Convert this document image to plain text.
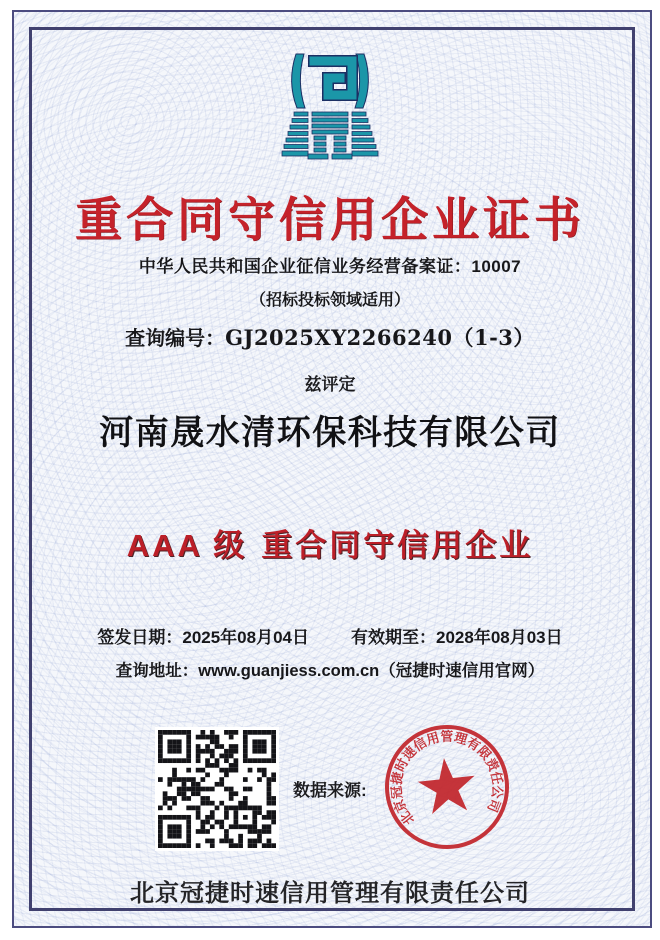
重合同守信用企业证书
中华人民共和国企业征信业务经营备案证：10007
（招标投标领域适用）
查询编号：GJ2025XY2266240（1-3）
兹评定
河南晟水清环保科技有限公司
AAA 级 重合同守信用企业
签发日期：2025年08月04日 有效期至：2028年08月03日
查询地址：www.guanjiess.com.cn（冠捷时速信用官网）
数据来源:
北京冠捷时速信用管理有限责任公司
北京冠捷时速信用管理有限责任公司
